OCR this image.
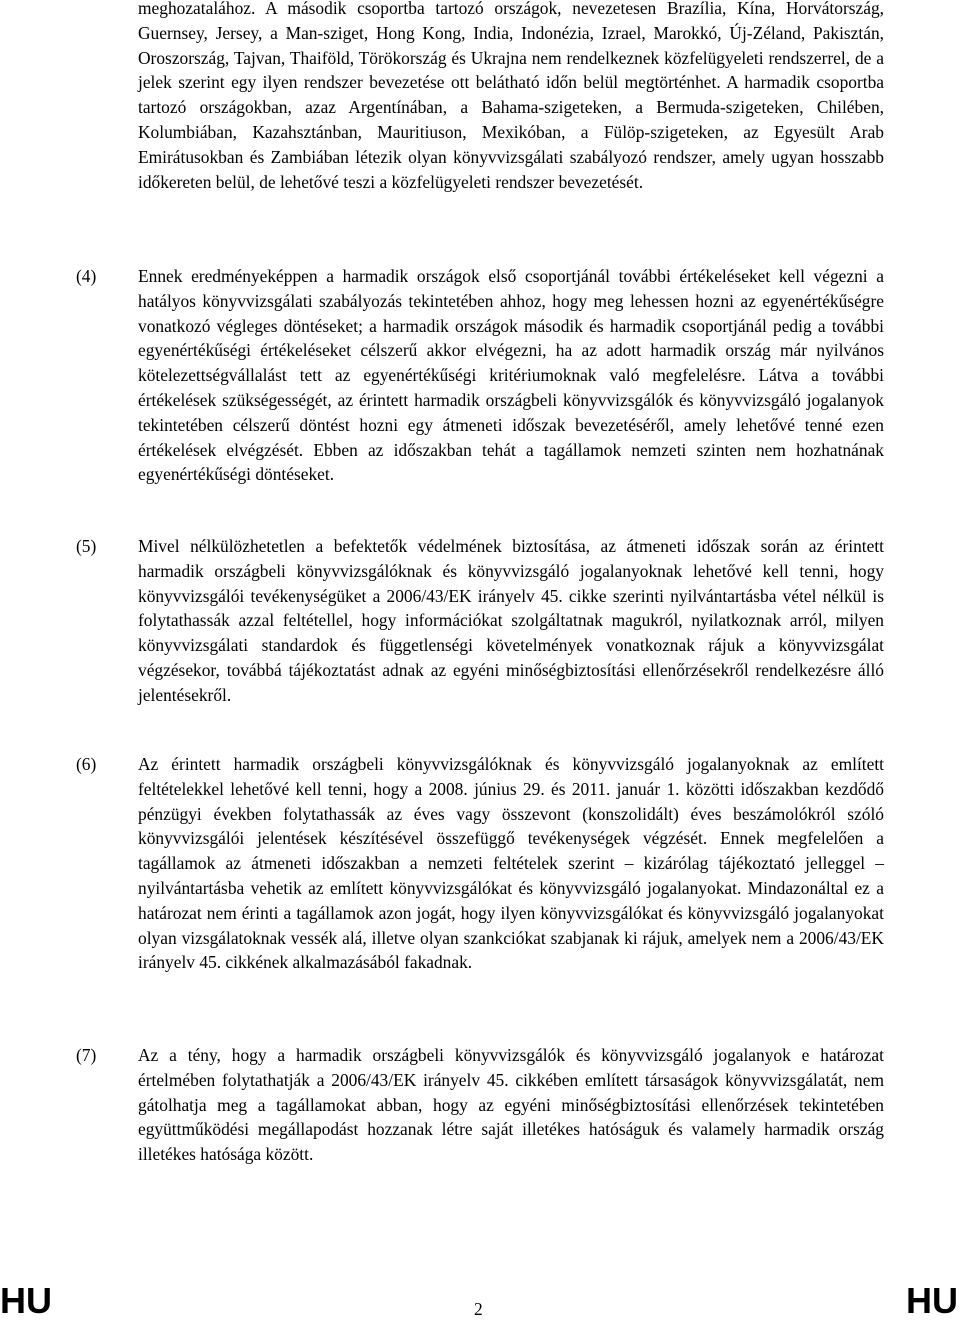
meghozatalához. A második csoportba tartozó országok, nevezetesen Brazília, Kína, Horvátország, Guernsey, Jersey, a Man-sziget, Hong Kong, India, Indonézia, Izrael, Marokkó, Új-Zéland, Pakisztán, Oroszország, Tajvan, Thaiföld, Törökország és Ukrajna nem rendelkeznek közfelügyeleti rendszerrel, de a jelek szerint egy ilyen rendszer bevezetése ott belátható időn belül megtörténhet. A harmadik csoportba tartozó országokban, azaz Argentínában, a Bahama-szigeteken, a Bermuda-szigeteken, Chilében, Kolumbiában, Kazahsztánban, Mauritiuson, Mexikóban, a Fülöp-szigeteken, az Egyesült Arab Emirátusokban és Zambiában létezik olyan könyvvizsgálati szabályozó rendszer, amely ugyan hosszabb időkereten belül, de lehetővé teszi a közfelügyeleti rendszer bevezetését.
(4) Ennek eredményeképpen a harmadik országok első csoportjánál további értékeléseket kell végezni a hatályos könyvvizsgálati szabályozás tekintetében ahhoz, hogy meg lehessen hozni az egyenértékűségre vonatkozó végleges döntéseket; a harmadik országok második és harmadik csoportjánál pedig a további egyenértékűségi értékeléseket célszerű akkor elvégezni, ha az adott harmadik ország már nyilvános kötelezettségvállalást tett az egyenértékűségi kritériumoknak való megfelelésre. Látva a további értékelések szükségességét, az érintett harmadik országbeli könyvvizsgálók és könyvvizsgáló jogalanyok tekintetében célszerű döntést hozni egy átmeneti időszak bevezetéséről, amely lehetővé tenné ezen értékelések elvégzését. Ebben az időszakban tehát a tagállamok nemzeti szinten nem hozhatnának egyenértékűségi döntéseket.
(5) Mivel nélkülözhetetlen a befektetők védelmének biztosítása, az átmeneti időszak során az érintett harmadik országbeli könyvvizsgálóknak és könyvvizsgáló jogalanyoknak lehetővé kell tenni, hogy könyvvizsgálói tevékenységüket a 2006/43/EK irányelv 45. cikke szerinti nyilvántartásba vétel nélkül is folytathassák azzal feltétellel, hogy információkat szolgáltatnak magukról, nyilatkoznak arról, milyen könyvvizsgálati standardok és függetlenségi követelmények vonatkoznak rájuk a könyvvizsgálat végzésekor, továbbá tájékoztatást adnak az egyéni minőségbiztosítási ellenőrzésekről rendelkezésre álló jelentésekről.
(6) Az érintett harmadik országbeli könyvvizsgálóknak és könyvvizsgáló jogalanyoknak az említett feltételekkel lehetővé kell tenni, hogy a 2008. június 29. és 2011. január 1. közötti időszakban kezdődő pénzügyi években folytathassák az éves vagy összevont (konszolidált) éves beszámolókról szóló könyvvizsgálói jelentések készítésével összefüggő tevékenységek végzését. Ennek megfelelően a tagállamok az átmeneti időszakban a nemzeti feltételek szerint – kizárólag tájékoztató jelleggel – nyilvántartásba vehetik az említett könyvvizsgálókat és könyvvizsgáló jogalanyokat. Mindazonáltal ez a határozat nem érinti a tagállamok azon jogát, hogy ilyen könyvvizsgálókat és könyvvizsgáló jogalanyokat olyan vizsgálatoknak vessék alá, illetve olyan szankciókat szabjanak ki rájuk, amelyek nem a 2006/43/EK irányelv 45. cikkének alkalmazásából fakadnak.
(7) Az a tény, hogy a harmadik országbeli könyvvizsgálók és könyvvizsgáló jogalanyok e határozat értelmében folytathatják a 2006/43/EK irányelv 45. cikkében említett társaságok könyvvizsgálatát, nem gátolhatja meg a tagállamokat abban, hogy az egyéni minőségbiztosítási ellenőrzések tekintetében együttműködési megállapodást hozzanak létre saját illetékes hatóságuk és valamely harmadik ország illetékes hatósága között.
HU	2	HU
